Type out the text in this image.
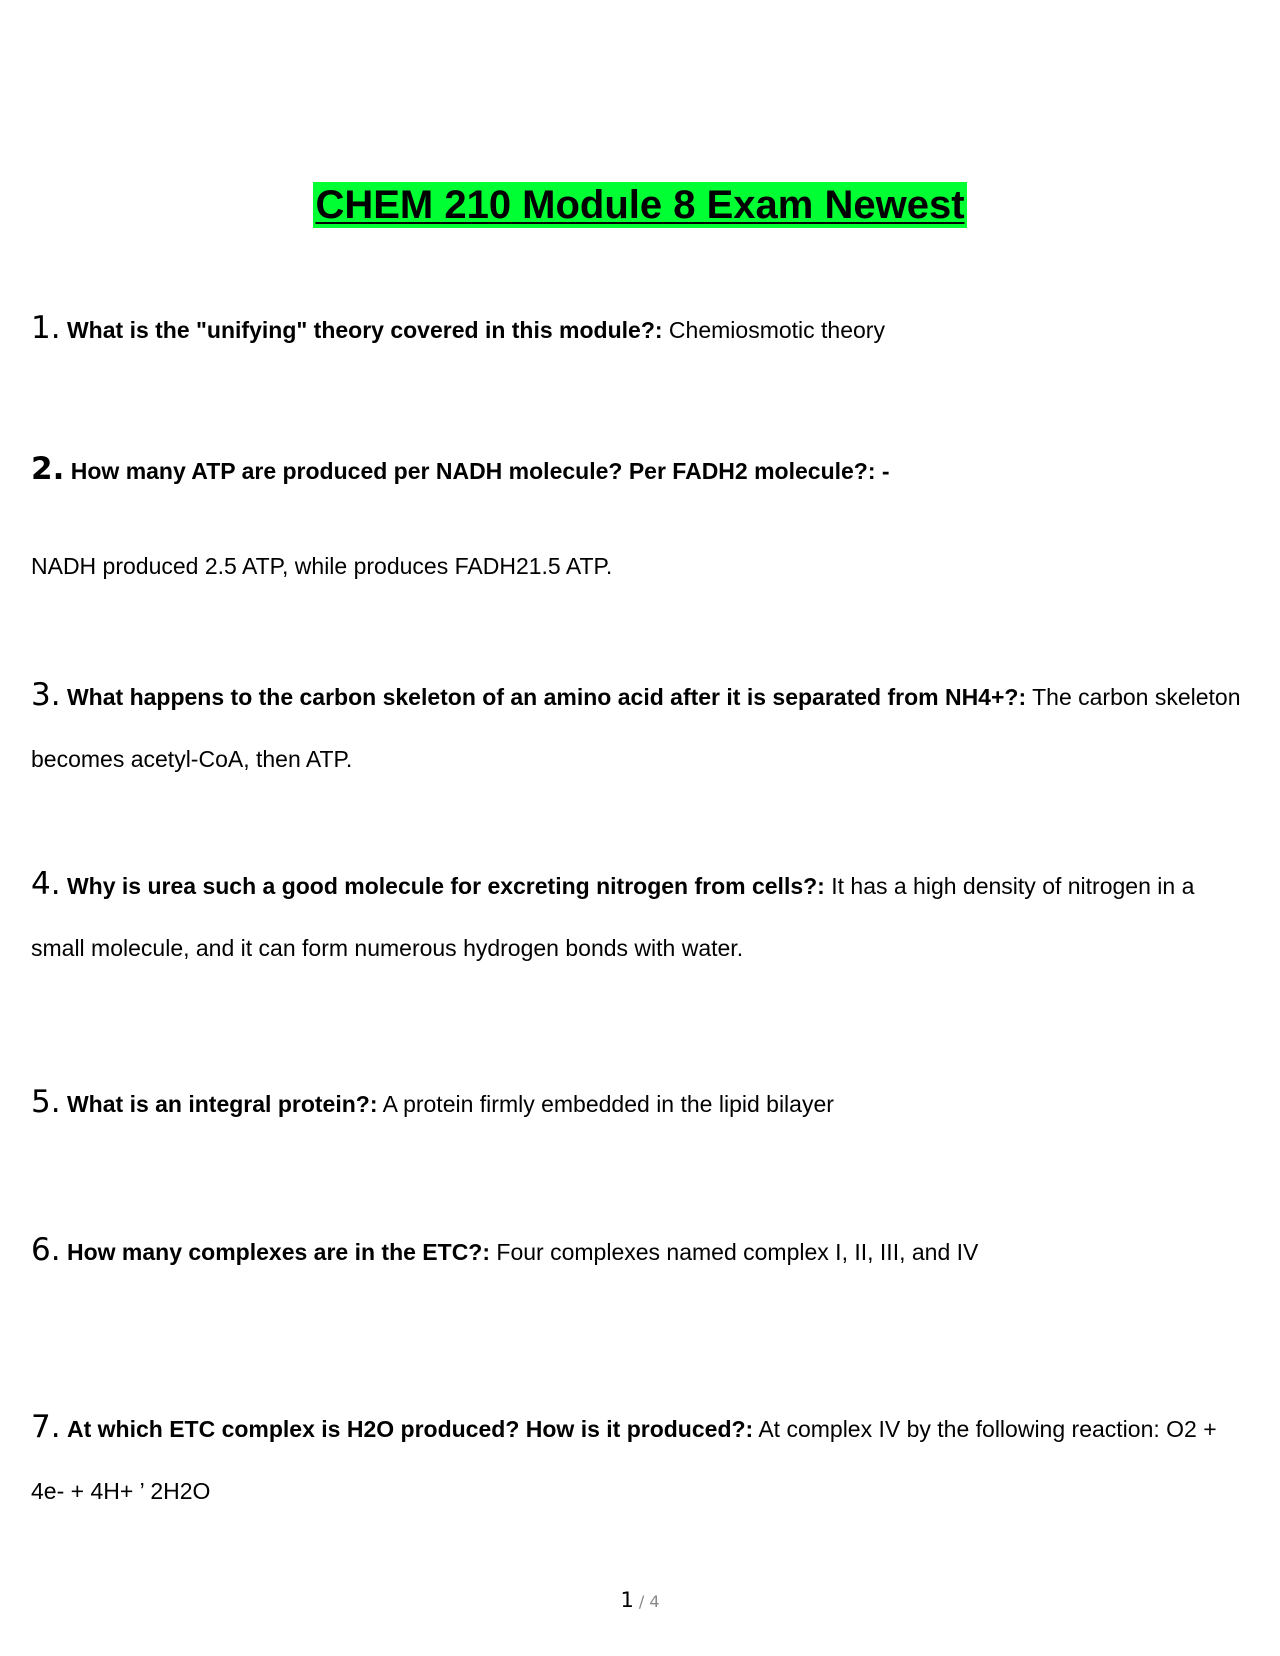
CHEM 210 Module 8 Exam Newest
1. What is the "unifying" theory covered in this module?: Chemiosmotic theory
2. How many ATP are produced per NADH molecule? Per FADH2 molecule?: -
NADH produced 2.5 ATP, while produces FADH21.5 ATP.
3. What happens to the carbon skeleton of an amino acid after it is separated from NH4+?: The carbon skeleton becomes acetyl-CoA, then ATP.
4. Why is urea such a good molecule for excreting nitrogen from cells?: It has a high density of nitrogen in a small molecule, and it can form numerous hydrogen bonds with water.
5. What is an integral protein?: A protein firmly embedded in the lipid bilayer
6. How many complexes are in the ETC?: Four complexes named complex I, II, III, and IV
7. At which ETC complex is H2O produced? How is it produced?: At complex IV by the following reaction: O2 + 4e- + 4H+ ’ 2H2O
1 / 4
